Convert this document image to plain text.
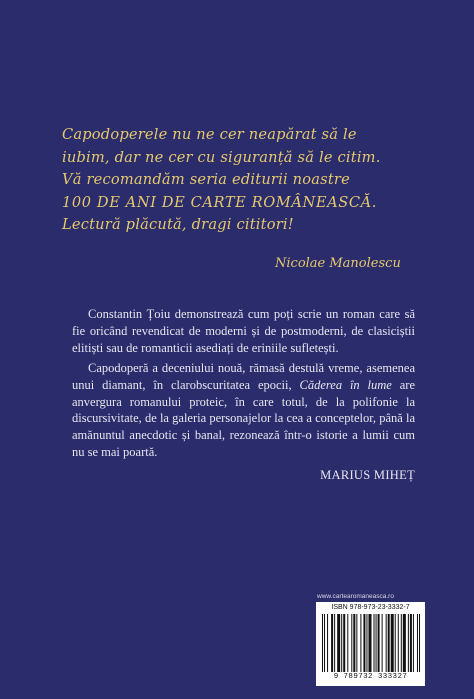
Capodoperele nu ne cer neapărat să le
iubim, dar ne cer cu siguranță să le citim.
Vă recomandăm seria editurii noastre
100 DE ANI DE CARTE ROMÂNEASCĂ.
Lectură plăcută, dragi cititori!
Nicolae Manolescu

Constantin Țoiu demonstrează cum poți scrie un roman care să fie oricând revendicat de moderni și de postmoderni, de clasiciștii elitiști sau de romanticii asediați de eriniile sufletești.

Capodoperă a deceniului nouă, rămasă destulă vreme, asemenea unui diamant, în clarobscuritatea epocii, Căderea în lume are anvergura romanului proteic, în care totul, de la polifonie la discursivitate, de la galeria personajelor la cea a conceptelor, până la amănuntul anecdotic și banal, rezonează într-o istorie a lumii cum nu se mai poartă.

MARIUS MIHEȚ
www.cartearomaneasca.ro
ISBN 978-973-23-3332-7
9 789732 333327
